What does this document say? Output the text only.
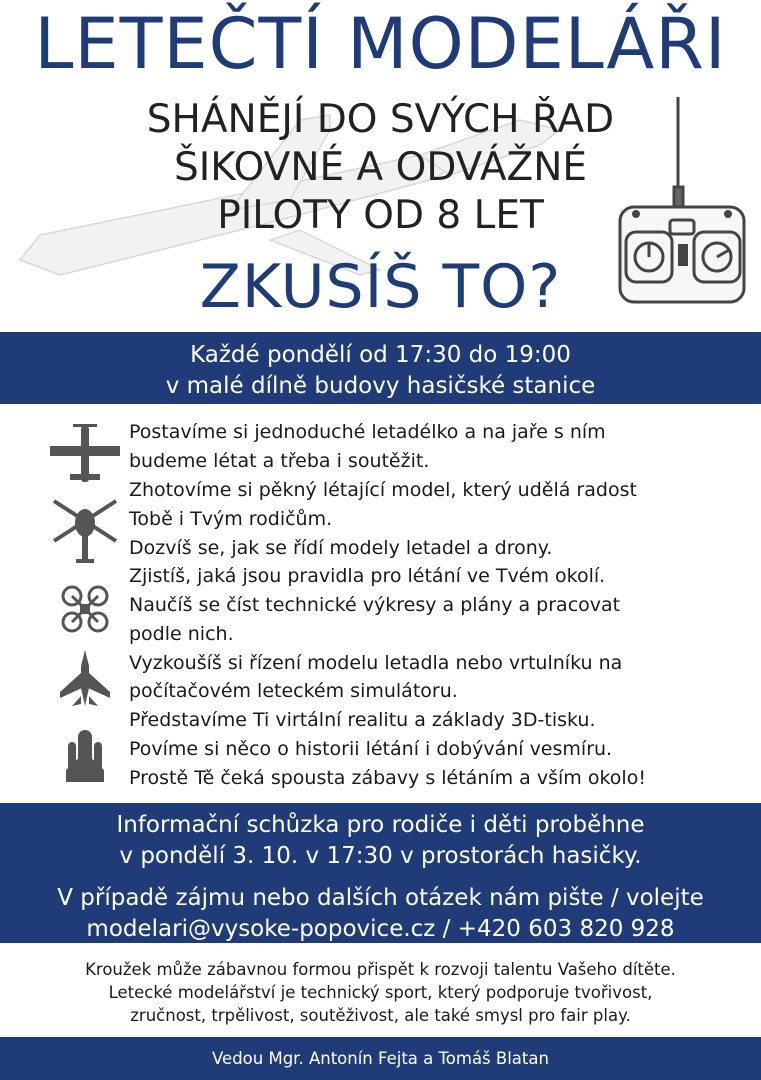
LETEČTÍ MODELÁŘI
SHÁNĚJÍ DO SVÝCH ŘAD
ŠIKOVNÉ A ODVÁŽNÉ
PILOTY OD 8 LET
ZKUSÍŠ TO?
Každé pondělí od 17:30 do 19:00
v malé dílně budovy hasičské stanice
Postavíme si jednoduché letadélko a na jaře s ním
budeme létat a třeba i soutěžit.
Zhotovíme si pěkný létající model, který udělá radost
Tobě i Tvým rodičům.
Dozvíš se, jak se řídí modely letadel a drony.
Zjistíš, jaká jsou pravidla pro létání ve Tvém okolí.
Naučíš se číst technické výkresy a plány a pracovat
podle nich.
Vyzkoušíš si řízení modelu letadla nebo vrtulníku na
počítačovém leteckém simulátoru.
Představíme Ti virtální realitu a základy 3D-tisku.
Povíme si něco o historii létání i dobývání vesmíru.
Prostě Tě čeká spousta zábavy s létáním a vším okolo!
Informační schůzka pro rodiče i děti proběhne
v pondělí 3. 10. v 17:30 v prostorách hasičky.
V případě zájmu nebo dalších otázek nám pište / volejte
modelari@vysoke-popovice.cz / +420 603 820 928
Kroužek může zábavnou formou přispět k rozvoji talentu Vašeho dítěte.
Letecké modelářství je technický sport, který podporuje tvořivost,
zručnost, trpělivost, soutěživost, ale také smysl pro fair play.
Vedou Mgr. Antonín Fejta a Tomáš Blatan
